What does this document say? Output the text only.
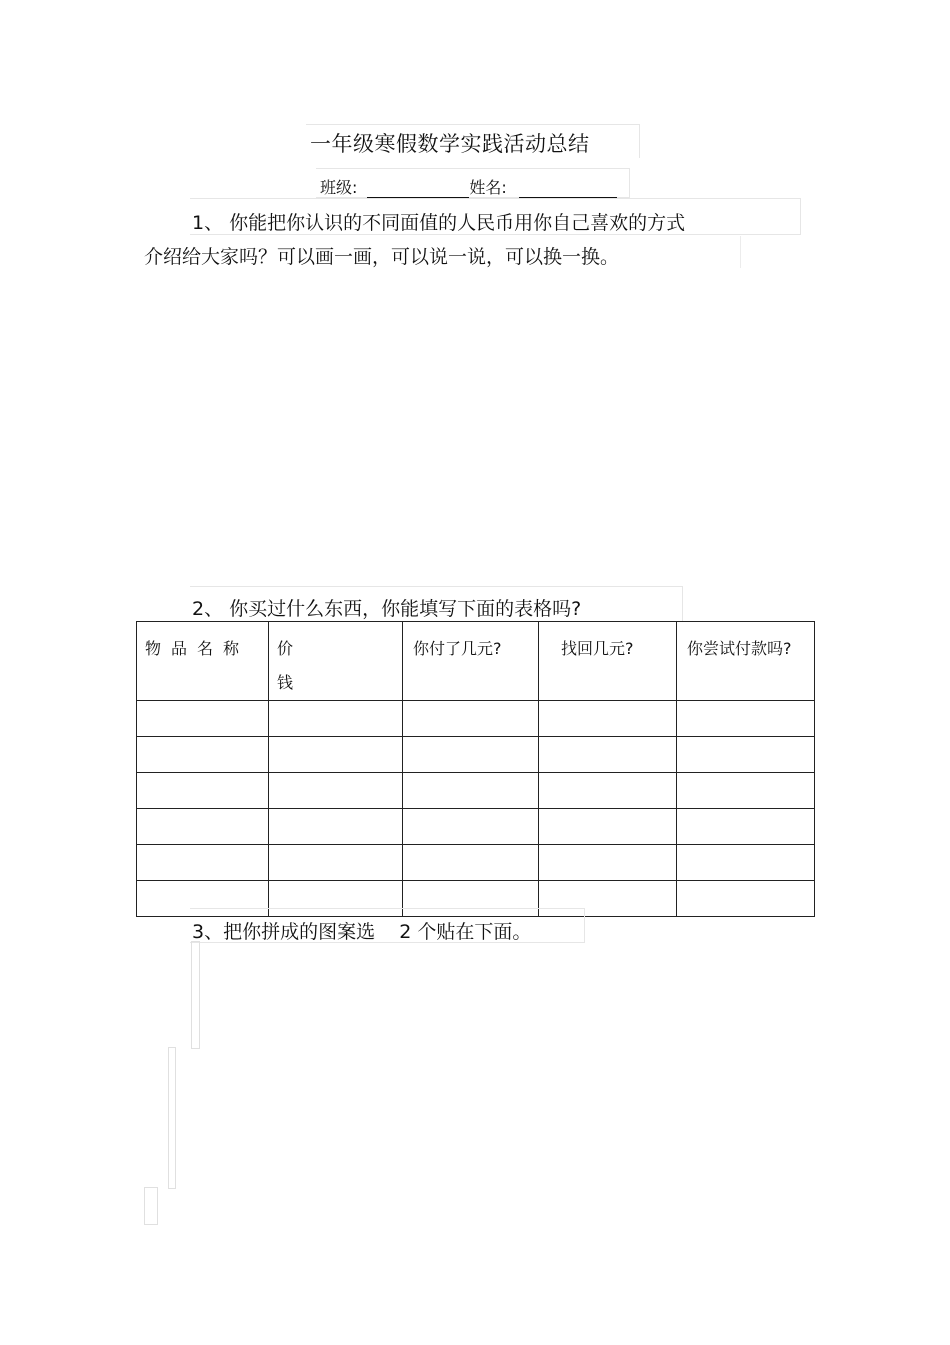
一年级寒假数学实践活动总结
班级:	姓名:
1、 你能把你认识的不同面值的人民币用你自己喜欢的方式
介绍给大家吗？可以画一画，可以说一说，可以换一换。
2、 你买过什么东西，你能填写下面的表格吗?
物品名称	价钱	你付了几元?	找回几元?	你尝试付款吗?

3、把你拼成的图案选    2 个贴在下面。
